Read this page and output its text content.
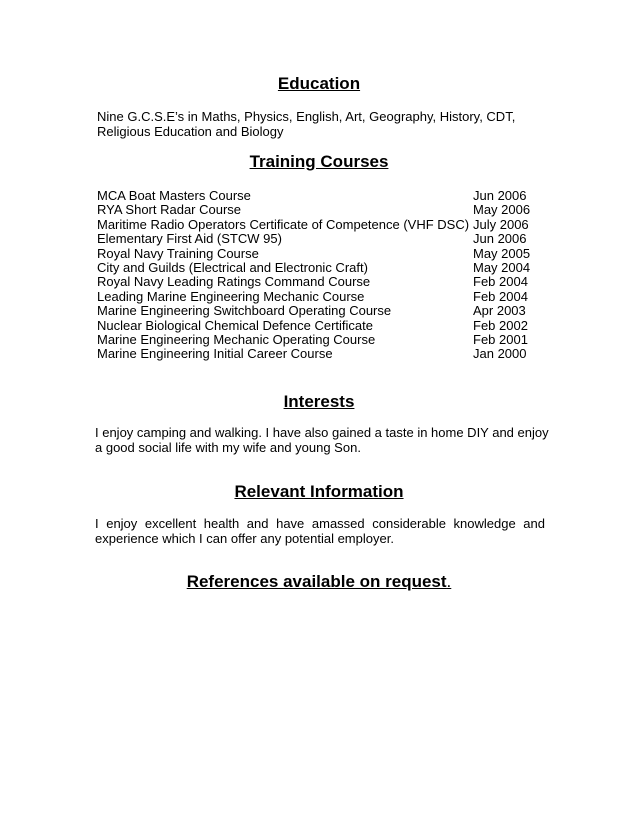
Education
Nine G.C.S.E’s in Maths, Physics, English, Art, Geography, History, CDT,
Religious Education and Biology
Training Courses
MCA Boat Masters Course	Jun 2006
RYA Short Radar Course	May 2006
Maritime Radio Operators Certificate of Competence (VHF DSC) July 2006
Elementary First Aid (STCW 95)	Jun 2006
Royal Navy Training Course	May 2005
City and Guilds (Electrical and Electronic Craft)	May 2004
Royal Navy Leading Ratings Command Course	Feb 2004
Leading Marine Engineering Mechanic Course	Feb 2004
Marine Engineering Switchboard Operating Course	Apr 2003
Nuclear Biological Chemical Defence Certificate	Feb 2002
Marine Engineering Mechanic Operating Course	Feb 2001
Marine Engineering Initial Career Course	Jan 2000
Interests
I enjoy camping and walking. I have also gained a taste in home DIY and enjoy
a good social life with my wife and young Son.
Relevant Information
I enjoy excellent health and have amassed considerable knowledge and
experience which I can offer any potential employer.
References available on request.
